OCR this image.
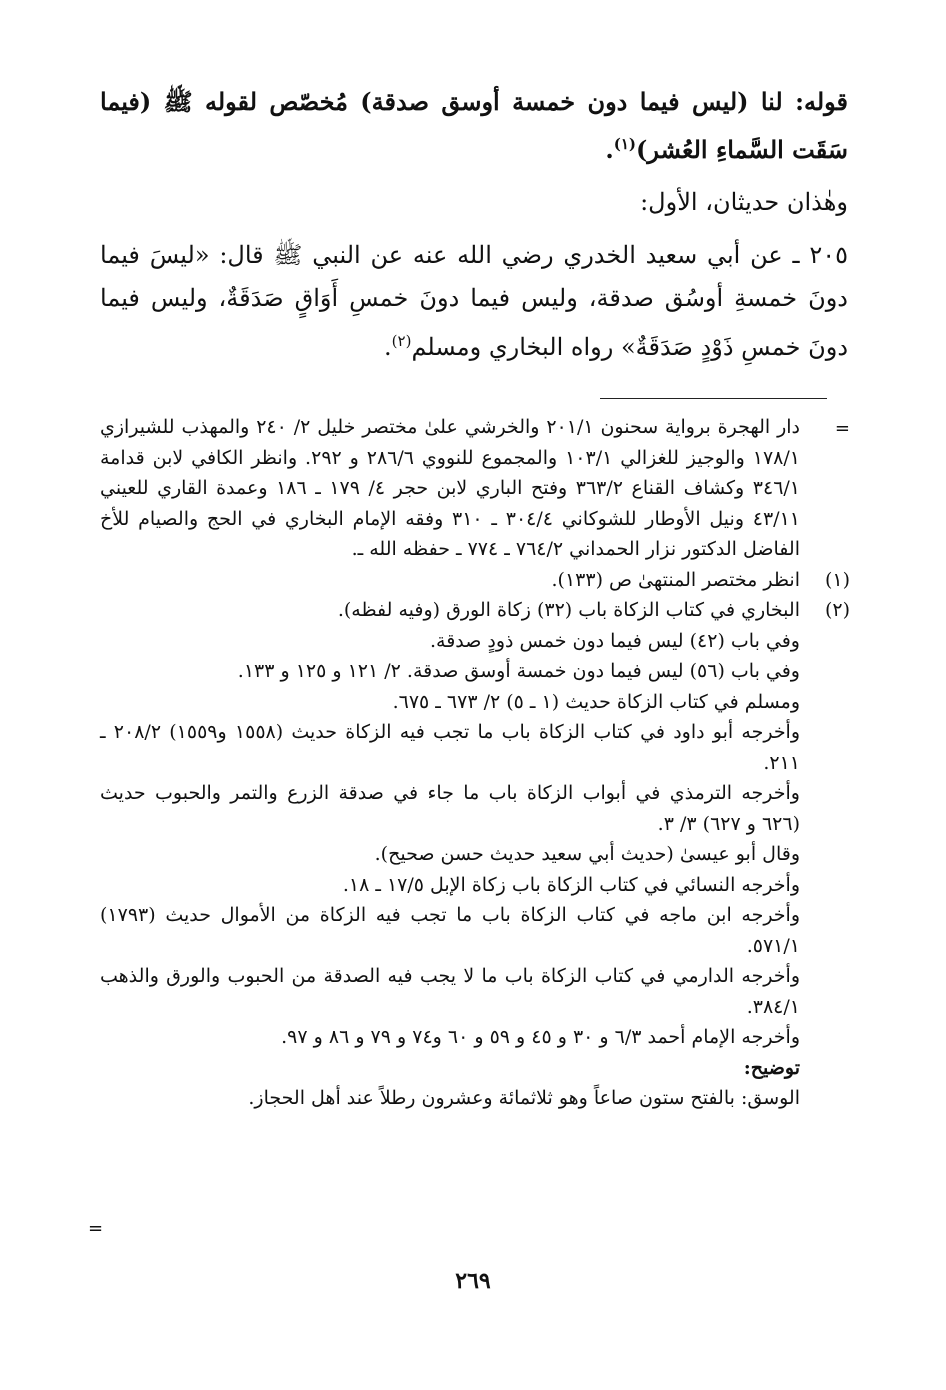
قوله: لنا (ليس فيما دون خمسة أوسق صدقة) مُخصّص لقوله ﷺ (فيما سَقَت السَّماءِ العُشر)$^{(١)}$.

وهٰذان حديثان، الأول:

٢٠٥ ـ عن أبي سعيد الخدري رضي الله عنه عن النبي ﷺ قال: «ليسَ فيما دونَ خمسةِ أوسُق صدقة، وليس فيما دونَ خمسِ أَوَاقٍ صَدَقَةٌ، وليس فيما دونَ خمسِ ذَوْدٍ صَدَقَةٌ» رواه البخاري ومسلم$^{(٢)}$.

=
دار الهجرة برواية سحنون ٢٠١/١ والخرشي علىٰ مختصر خليل ٢/ ٢٤٠ والمهذب للشيرازي ١٧٨/١ والوجيز للغزالي ١٠٣/١ والمجموع للنووي ٢٨٦/٦ و ٢٩٢. وانظر الكافي لابن قدامة ٣٤٦/١ وكشاف القناع ٣٦٣/٢ وفتح الباري لابن حجر ٤/ ١٧٩ ـ ١٨٦ وعمدة القاري للعيني ٤٣/١١ ونيل الأوطار للشوكاني ٣٠٤/٤ ـ ٣١٠ وفقه الإمام البخاري في الحج والصيام للأخ الفاضل الدكتور نزار الحمداني ٧٦٤/٢ ـ ٧٧٤ ـ حفظه الله ـ.
(١)
انظر مختصر المنتهىٰ ص (١٣٣).
(٢)
البخاري في كتاب الزكاة باب (٣٢) زكاة الورق (وفيه لفظه).
وفي باب (٤٢) ليس فيما دون خمس ذودٍ صدقة.
وفي باب (٥٦) ليس فيما دون خمسة أوسق صدقة. ٢/ ١٢١ و ١٢٥ و ١٣٣.
ومسلم في كتاب الزكاة حديث (١ ـ ٥) ٢/ ٦٧٣ ـ ٦٧٥.
وأخرجه أبو داود في كتاب الزكاة باب ما تجب فيه الزكاة حديث (١٥٥٨ و١٥٥٩) ٢٠٨/٢ ـ ٢١١.
وأخرجه الترمذي في أبواب الزكاة باب ما جاء في صدقة الزرع والتمر والحبوب حديث (٦٢٦ و ٦٢٧) ٣/ ٣.
وقال أبو عيسىٰ (حديث أبي سعيد حديث حسن صحيح).
وأخرجه النسائي في كتاب الزكاة باب زكاة الإبل ١٧/٥ ـ ١٨.
وأخرجه ابن ماجه في كتاب الزكاة باب ما تجب فيه الزكاة من الأموال حديث (١٧٩٣) ٥٧١/١.
وأخرجه الدارمي في كتاب الزكاة باب ما لا يجب فيه الصدقة من الحبوب والورق والذهب ٣٨٤/١.
وأخرجه الإمام أحمد ٦/٣ و ٣٠ و ٤٥ و ٥٩ و ٦٠ و٧٤ و ٧٩ و ٨٦ و ٩٧.
توضيح:
الوسق: بالفتح ستون صاعاً وهو ثلاثمائة وعشرون رطلاً عند أهل الحجاز.
=
٢٦٩
